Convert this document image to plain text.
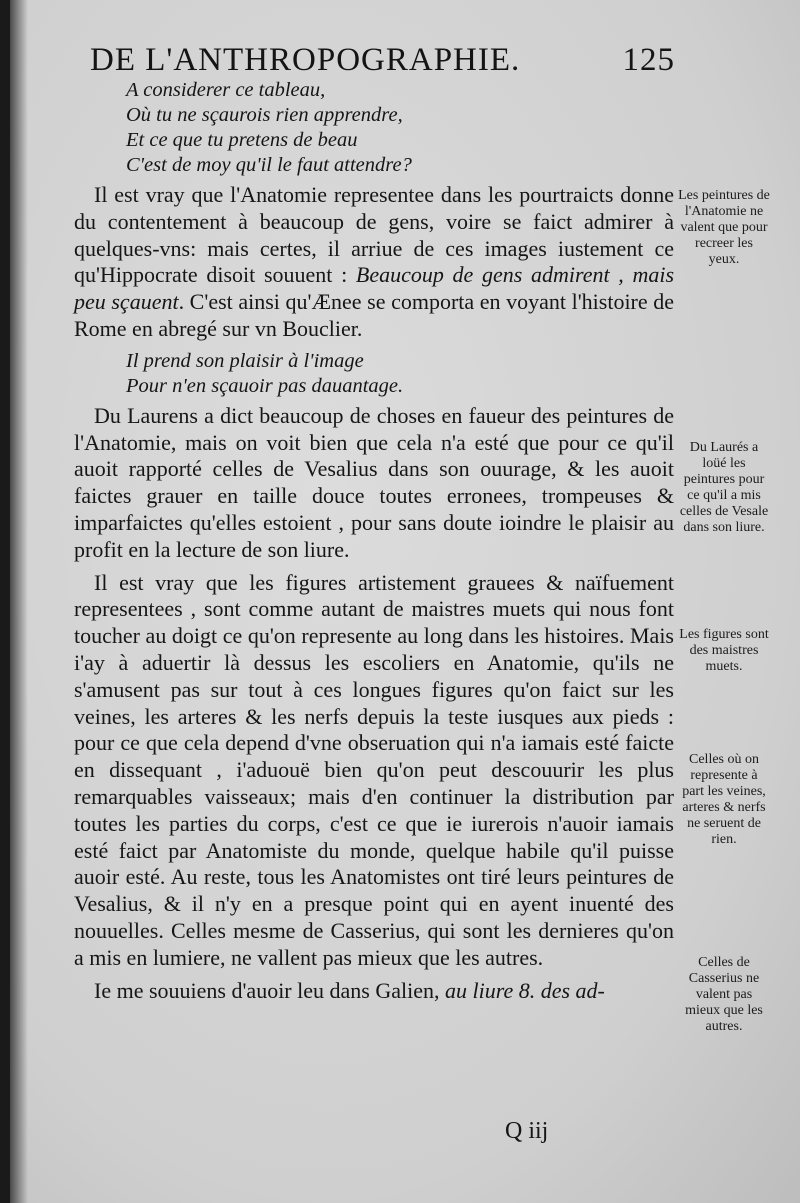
DE L'ANTHROPOGRAPHIE.	125
A considerer ce tableau,
Où tu ne sçaurois rien apprendre,
Et ce que tu pretens de beau
C'est de moy qu'il le faut attendre?
Il est vray que l'Anatomie representee dans les pourtraicts donne du contentement à beaucoup de gens, voire se faict admirer à quelques-vns: mais certes, il arriue de ces images iustement ce qu'Hippocrate disoit souuent : Beaucoup de gens admirent , mais peu sçauent. C'est ainsi qu'Ænee se comporta en voyant l'histoire de Rome en abregé sur vn Bouclier.
Il prend son plaisir à l'image
Pour n'en sçauoir pas dauantage.
Du Laurens a dict beaucoup de choses en faueur des peintures de l'Anatomie, mais on voit bien que cela n'a esté que pour ce qu'il auoit rapporté celles de Vesalius dans son ouurage, & les auoit faictes grauer en taille douce toutes erronees, trompeuses & imparfaictes qu'elles estoient , pour sans doute ioindre le plaisir au profit en la lecture de son liure.
Il est vray que les figures artistement grauees & naïfuement representees , sont comme autant de maistres muets qui nous font toucher au doigt ce qu'on represente au long dans les histoires. Mais i'ay à aduertir là dessus les escoliers en Anatomie, qu'ils ne s'amusent pas sur tout à ces longues figures qu'on faict sur les veines, les arteres & les nerfs depuis la teste iusques aux pieds : pour ce que cela depend d'vne obseruation qui n'a iamais esté faicte en dissequant , i'aduouë bien qu'on peut descouurir les plus remarquables vaisseaux; mais d'en continuer la distribution par toutes les parties du corps, c'est ce que ie iurerois n'auoir iamais esté faict par Anatomiste du monde, quelque habile qu'il puisse auoir esté. Au reste, tous les Anatomistes ont tiré leurs peintures de Vesalius, & il n'y en a presque point qui en ayent inuenté des nouuelles. Celles mesme de Casserius, qui sont les dernieres qu'on a mis en lumiere, ne vallent pas mieux que les autres.
Ie me souuiens d'auoir leu dans Galien, au liure 8. des ad-
Les peintures de l'Anatomie ne valent que pour recreer les yeux.
Du Laurés a loüé les peintures pour ce qu'il a mis celles de Vesale dans son liure.
Les figures sont des maistres muets.
Celles où on represente à part les veines, arteres & nerfs ne seruent de rien.
Celles de Casserius ne valent pas mieux que les autres.
Q iij
